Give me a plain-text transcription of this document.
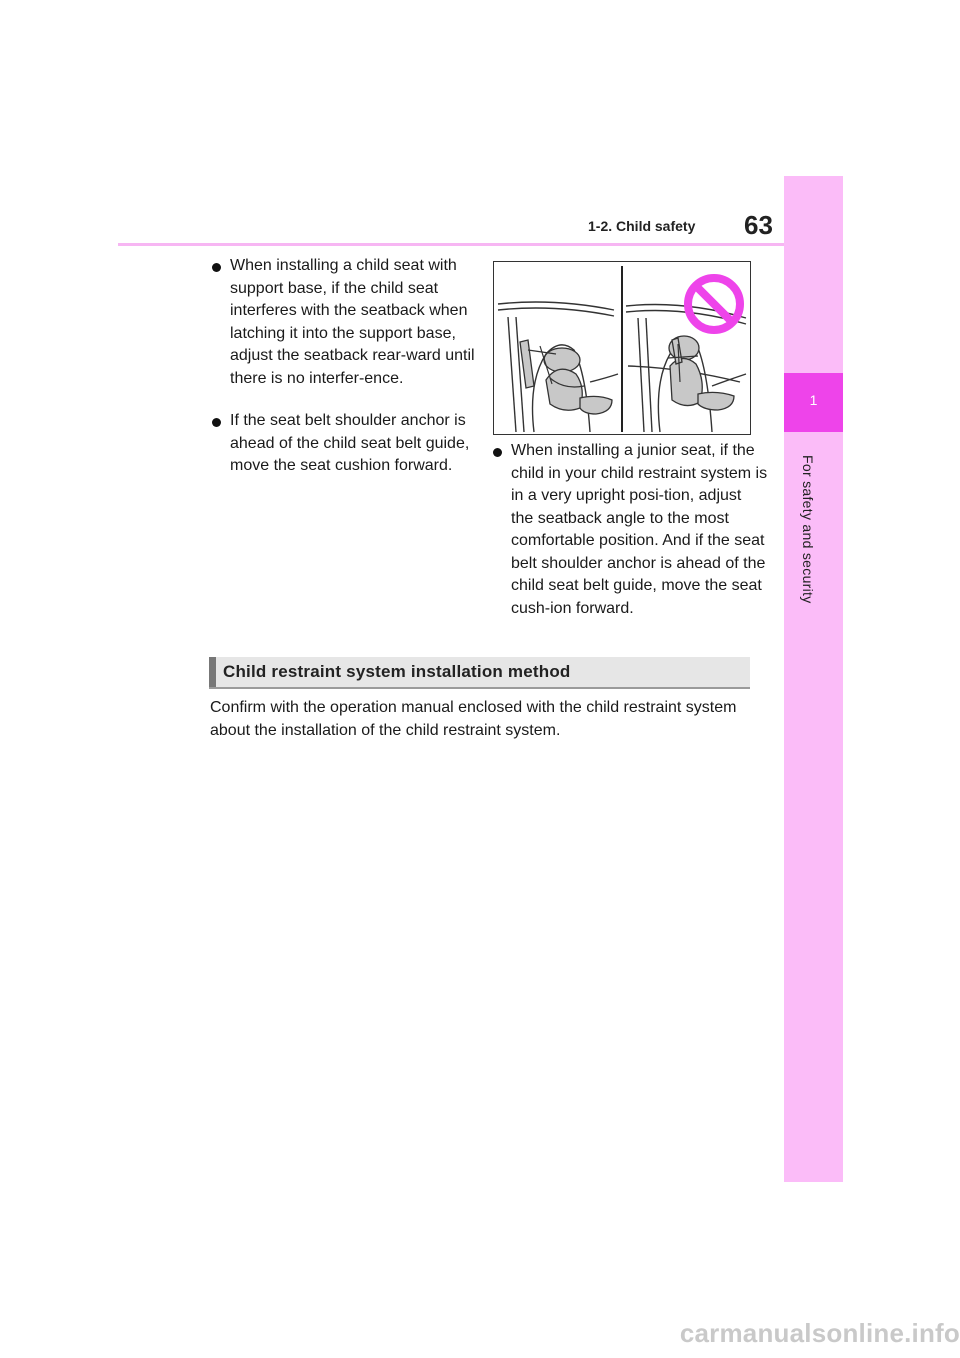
1
For safety and security
1-2. Child safety 63
When installing a child seat with support base, if the child seat interferes with the seatback when latching it into the support base, adjust the seatback rear-ward until there is no interfer-ence.
If the seat belt shoulder anchor is ahead of the child seat belt guide, move the seat cushion forward.
When installing a junior seat, if the child in your child restraint system is in a very upright posi-tion, adjust the seatback angle to the most comfortable position. And if the seat belt shoulder anchor is ahead of the child seat belt guide, move the seat cush-ion forward.
Child restraint system installation method
Confirm with the operation manual enclosed with the child restraint system about the installation of the child restraint system.
carmanualsonline.info
